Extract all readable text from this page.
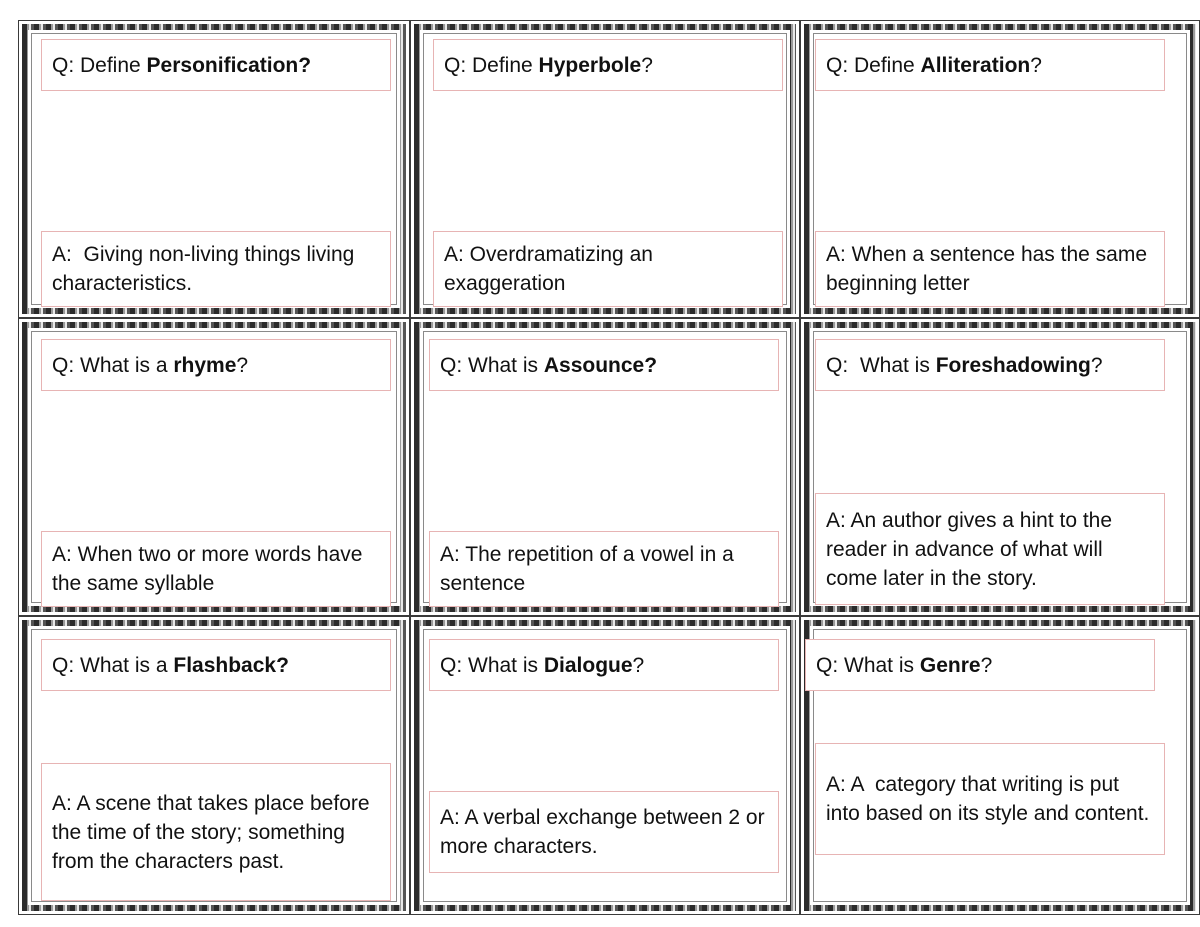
Q: Define Personification?
A:  Giving non-living things living characteristics.
Q: Define Hyperbole?
A: Overdramatizing an exaggeration
Q: Define Alliteration?
A: When a sentence has the same beginning letter
Q: What is a rhyme?
A: When two or more words have the same syllable
Q: What is Assounce?
A: The repetition of a vowel in a sentence
Q:  What is Foreshadowing?
A: An author gives a hint to the reader in advance of what will come later in the story.
Q: What is a Flashback?
A: A scene that takes place before the time of the story; something from the characters past.
Q: What is Dialogue?
A: A verbal exchange between 2 or more characters.
Q: What is Genre?
A: A  category that writing is put into based on its style and content.
